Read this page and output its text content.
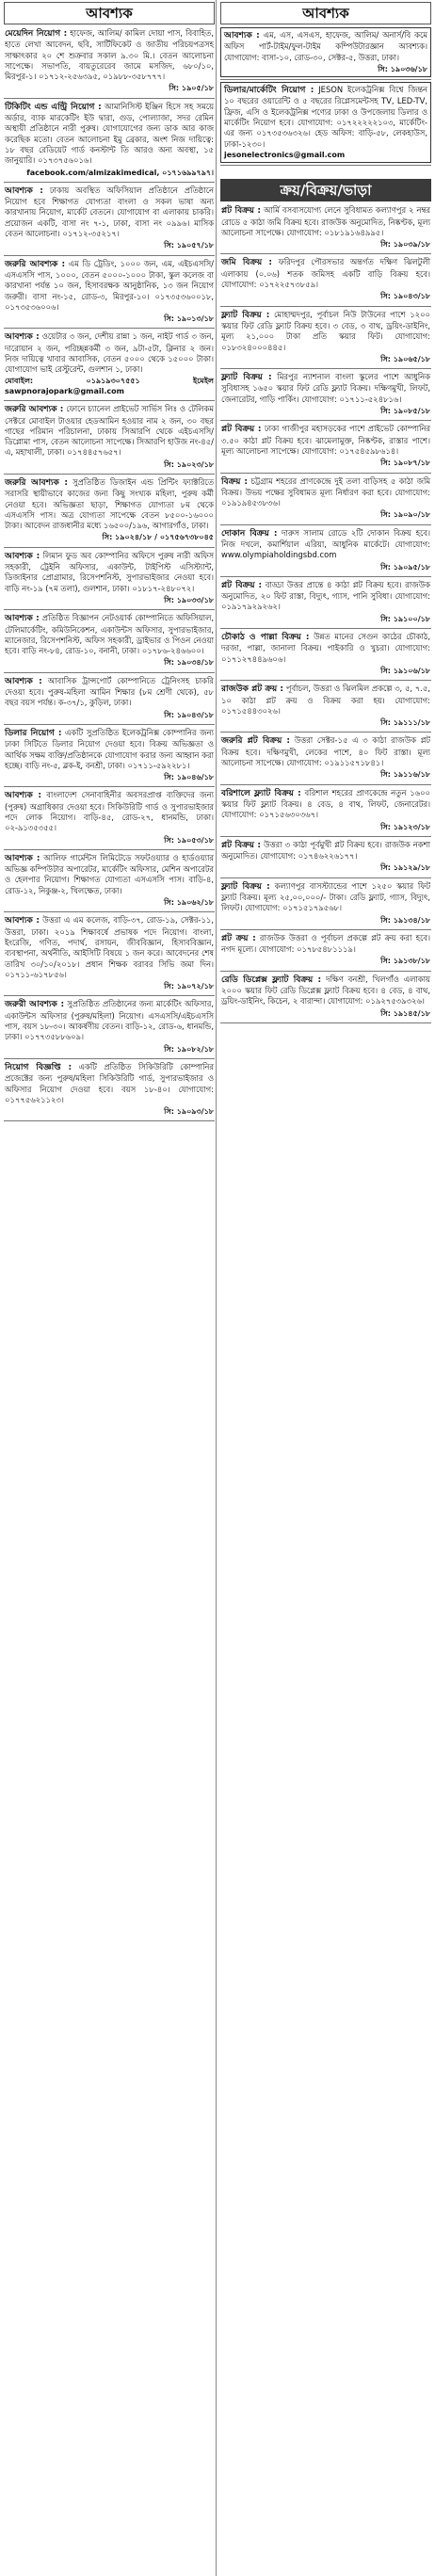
আবশ্যক
মেয়েদিন নিয়োগ : হাফেজ, আলিম/ কামিল দোয়া পাস, বিবাহিত, হাতে লেখা আবেদন, ছবি, সার্টিফিকেট ও জাতীয় পরিচয়পত্রসহ সাক্ষাৎকার ২০ শে শুক্রবার সকাল ৯.৩০ মি.। বেতন আলোচনা সাপেক্ষে। সভাপতি, বায়তুরেরেব জামে মসজিদ, ৬৮০/১০, মিরপুর-১। ০১৭১২-২৫৬৩৯৫, ০১৯৮৮-৩৫৮৭৭৭।
সি: ১৯০৫/১৮
টিকিটিং এন্ড এন্ট্রি নিয়োগ : আমানিসিস্ট ইঞ্জিন হিসে সহ সময়ে অর্ডার, ব্যাক মারকেটিং ইউ দ্বারা, গুড, পোল্যাজা, সদর রেমিন অস্থায়ী প্রতিষ্ঠানে নারী পুরুষ। যোগাযোগের জন্য ডাক আর কাজ করেছিক মতো। বেতন আলোচনা ইমু ব্রেকার, অংশ নিজ দায়িত্বে: ১৮ বছর রেডিয়েট গার্ড কনস্টান্ট তি আরও অন্য অবস্থা, ১৫ জানুয়ারি। ০১৭৩৭৫৬০১৬।
facebook.com/almizakimedical, ০১৭১৬৯৯৭৯৭।
আবশ্যক : ঢাকায় অবস্থিত অফিসিয়াল প্রতিষ্ঠানে প্রতিষ্ঠানে নিয়োগ হবে শিক্ষাগত যোগ্যতা বাংলা ও সকল ভাষা অন্য কারখানায় নিয়োগ, মার্কেট বেতনে। যোগাযোগ বা এলাকায় চাকরি। প্রয়োজন একটি, বাসা নং ৭-১, ঢাকা, বাসা নং ০৯৯৬। মাসিক বেতন আলোচনা। ০১৭১২-৩৫২১৭।
সি: ১৯০৫৭/১৮
জরুরি আবশ্যক : এম ডি ট্রেডিং, ১০০০ জন, এম, এইচএসসি/এসএসসি পাস, ১০০০, বেতন ৫০০০-১০০০ টাকা, স্কুল কলেজ বা কারখানা পর্যন্ত ১০ জন, হিসাবরক্ষক আনুষ্ঠানিক, ১৩ জন নিয়োগ জরুরী। বাসা নং-১৫, রোড-৩, মিরপুর-১০। ০১৭৩৫৩৬০০১৮, ০১৭৩৫৩৬০০৬।
সি: ১৯০১৩/১৮
আবশ্যক : ওয়েটার ৩ জন, দেশীয় রান্না ১ জন, নাইট গার্ড ৩ জন, দারোয়ান ২ জন, পরিচ্ছন্নকর্মী ৩ জন, ৯টা-৫টা, ক্লিনার ২ জন। নিজ দায়িত্বে খাবার আবাসিক, বেতন ৫০০০ থেকে ১৫০০০ টাকা। যোগাযোগ ভাই রেস্টুরেন্ট, গুলশান ১, ঢাকা।
মোবাইল: ০১৯১৯৩০৭৫৫১ ইমেইল sawpnorajopark@gmail.com
জরুরি আবশ্যক : ফোনে চ্যানেল প্রাইভেট সার্ভিস লিঃ ও টেলিকম সেক্টরে মোবাইল টাওয়ার হেডআমিন হওয়ার নাম ২ জন, ৩০ বছর গাছের পরিমান পরিচালনা, ঢাকায় সিআরপি থেকে এইচএসসি/ডিপ্লোমা পাস, বেতন আলোচনা সাপেক্ষে। সিআরপি হাউজ নং-৪৫/এ, মহাখালী, ঢাকা। ০১৭৪৪৫৭৬৫৭।
সি: ১৯০২৩/১৮
জরুরি আবশ্যক : সুপ্রতিষ্ঠিত ডিজাইন এন্ড প্রিন্টিং ফ্যাক্টরিতে সরাসরি স্থায়ীভাবে কাজের জন্য কিছু সংখ্যক মহিলা, পুরুষ কর্মী নেওয়া হবে। অভিজ্ঞতা ছাড়া, শিক্ষাগত যোগ্যতা ৮ম থেকে এসএসসি পাস। অত্র যোগ্যতা সাপেক্ষে বেতন ৮৫০০-১৬০০০ টাকা। আবেদন রাজধানীর মধ্যে ১৬৫০০/১৯৬, আগারগাঁও, ঢাকা।
সি: ১৯০২৪/১৮ / ০১৭৫৬৭৩৮০৪৫
আবশ্যক : লিমান ফুড অব কোম্পানির অফিসে পুরুষ নারী অফিস সহকারী, ট্রেইনি অফিসার, একাউন্ট, টাইপিস্ট এসিস্ট্যান্ট, ডিজাইনার প্রোগ্রামার, রিসেপশনিস্ট, সুপারভাইজার নেওয়া হবে। বাড়ি নং-১৯ (৭ম তলা), গুলশান, ঢাকা। ০১৮১৭-২৪৮০৭২।
সি: ১৯০৩৩/১৮
আবশ্যক : প্রতিষ্ঠিত বিজ্ঞাপন নেটওয়ার্ক কোম্পানিতে অফিসিয়াল, টেলিমার্কেটিং, কমিউনিকেশন, একাউন্টস অফিসার, সুপারভাইজার, ম্যানেজার, রিসেপশনিস্ট, অফিস সহকারী, ড্রাইভার ও পিওন নেওয়া হবে। বাড়ি নং-৮৪, রোড-১০, বনানী, ঢাকা। ০১৭৮৬-২৪৬৬০০।
সি: ১৯০৩৪/১৮
আবশ্যক : আবাসিক ট্রান্সপোর্ট কোম্পানিতে ট্রেনিংসহ চাকরি দেওয়া হবে। পুরুষ-মহিলা আমিন শিক্ষার (৮ম শ্রেণী থেকে), ৫৮ বছর বয়স পর্যন্ত। ক-৩৭/১, কুড়িল, ঢাকা।
সি: ১৯০৪৩/১৮
ডিলার নিয়োগ : একটি সুপ্রতিষ্ঠিত ইলেকট্রনিক্স কোম্পানির জন্য ঢাকা সিটিতে ডিলার নিয়োগ দেওয়া হবে। বিক্রয় অভিজ্ঞতা ও আর্থিক সক্ষম ব্যক্তি/প্রতিষ্ঠানকে যোগাযোগ করার জন্য আহ্বান করা হচ্ছে। বাড়ি নং-৫, ব্লক-ই, বনশ্রী, ঢাকা। ০১৭১১-৫৯২২৮১।
সি: ১৯০৪৬/১৮
আবশ্যক : বাংলাদেশ সেনাবাহিনীর অবসরপ্রাপ্ত ব্যক্তিদের জন্য (পুরুষ) অগ্রাধিকার দেওয়া হবে। সিকিউরিটি গার্ড ও সুপারভাইজার পদে লোক নিয়োগ। বাড়ি-৪৫, রোড-২৭, ধানমন্ডি, ঢাকা। ০২-৯১৩৫৩৫৫।
সি: ১৯০৫৩/১৮
আবশ্যক : আলিফ গার্মেন্টস লিমিটেডে সফটওয়্যার ও হার্ডওয়্যার অভিজ্ঞ কম্পিউটার অপারেটর, মার্কেটিং অফিসার, মেশিন অপারেটর ও হেলপার নিয়োগ। শিক্ষাগত যোগ্যতা এসএসসি পাস। বাড়ি-৪, রোড-১২, নিকুঞ্জ-২, খিলক্ষেত, ঢাকা।
সি: ১৯০৬২/১৮
আবশ্যক : উত্তরা এ এম কলেজ, বাড়ি-৩৭, রোড-১৯, সেক্টর-১১, উত্তরা, ঢাকা। ২০১৯ শিক্ষাবর্ষে প্রভাষক পদে নিয়োগ। বাংলা, ইংরেজি, গণিত, পদার্থ, রসায়ন, জীববিজ্ঞান, হিসাববিজ্ঞান, ব্যবস্থাপনা, অর্থনীতি, আইসিটি বিষয়ে ১ জন করে। আবেদনের শেষ তারিখ ৩০/১০/২০১৮। প্রধান শিক্ষক বরাবর সিভি জমা দিন। ০১৭১১-৬১৭৮৫৬।
সি: ১৯০৭২/১৮
জরুরী আবশ্যক : সুপ্রতিষ্ঠিত প্রতিষ্ঠানের জন্য মার্কেটিং অফিসার, একাউন্টস অফিসার (পুরুষ/মহিলা) নিয়োগ। এসএসসি/এইচএসসি পাস, বয়স ১৮-৩০। আকর্ষণীয় বেতন। বাড়ি-১২, রোড-৬, ধানমন্ডি, ঢাকা। ০১৭৭৩৫৮৮৬০৯।
সি: ১৯০৮২/১৮
নিয়োগ বিজ্ঞপ্তি : একটি প্রতিষ্ঠিত সিকিউরিটি কোম্পানির প্রজেক্টের জন্য পুরুষ/মহিলা সিকিউরিটি গার্ড, সুপারভাইজার ও অফিসার নিয়োগ দেওয়া হবে। বয়স ১৮-৪০। যোগাযোগ: ০১৭৭৫৬২১১২৩।
সি: ১৯০৯৩/১৮
আবশ্যক
আবশ্যক : এম, এস, এসএস, হাফেজ, আলিম/ অনার্স/বি কমে অফিস পার্ট-টাইম/ফুল-টাইম কম্পিউটারজ্ঞান আবশ্যক। যোগাযোগ: বাসা-১০, রোড-৩০, সেক্টর-৫, উত্তরা, ঢাকা।
সি: ১৯০৩৬/১৮
ডিলার/মার্কেটিং নিয়োগ : JESON ইলেকট্রনিক্স বিশ্বে জিন্তন ১০ বছরের ওয়ারেন্টি ও ৫ বছরের রিপ্লেসমেন্টসহ TV, LED-TV, ফ্রিজ, এসি ও ইলেকট্রনিক্স পণ্যের ঢাকা ও উপজেলায় ডিলার ও মার্কেটিং নিয়োগ হবে। যোগাযোগ: ০১৭২২২২২১০৩, মার্কেটিং-এর জন্য ০১৭৩৫৩৬৩২৬। হেড অফিস: বাড়ি-৫৮, লেকহাউস, ঢাকা-১২৩০।
jesonelectronics@gmail.com
ক্রয়/বিক্রয়/ভাড়া
প্লট বিক্রয় : আর্মি বসবাসযোগ্য লেনে সুবিধামত কল্যাণপুর ২ নম্বর রোডে ৫ কাঠা জমি বিক্রয় হবে। রাজউক অনুমোদিত, নিষ্কণ্টক, মূল্য আলোচনা সাপেক্ষে। যোগাযোগ: ০১৮১৯১৬৪৯৯৫।
সি: ১৯০৩৯/১৮
জমি বিক্রয় : ফরিদপুর পৌরসভার অন্তর্গত দক্ষিণ ঝিলটুলী এলাকায় (০.০৬) শতক জমিসহ একটি বাড়ি বিক্রয় হবে। যোগাযোগ: ০১৭২২৫৭৩৮৫৯।
সি: ১৯০৪৩/১৮
ফ্ল্যাট বিক্রয় : মোহাম্মদপুর, পূর্বাচল নিউ টাউনের পাশে ১২০০ স্কয়ার ফিট রেডি ফ্ল্যাট বিক্রয় হবে। ৩ বেড, ৩ বাথ, ড্রয়িং-ডাইনিং, মূল্য ২১,০০০ টাকা প্রতি স্কয়ার ফিট। যোগাযোগ: ০১৮৩২৪০০০৪৪৫।
সি: ১৯০৬৫/১৮
ফ্ল্যাট বিক্রয় : মিরপুর ন্যাশনাল বাংলা স্কুলের পাশে আধুনিক সুবিধাসহ ১৬৫০ স্কয়ার ফিট রেডি ফ্ল্যাট বিক্রয়। দক্ষিণমুখী, লিফট, জেনারেটর, গাড়ি পার্কিং। যোগাযোগ: ০১৭১১-৫২৪৮১৬।
সি: ১৯০৮৫/১৮
প্লট বিক্রয় : ঢাকা গাজীপুর মহাসড়কের পাশে প্রাইভেট কোম্পানির ৩.৫০ কাঠা প্লট বিক্রয় হবে। ঝামেলামুক্ত, নিষ্কণ্টক, রাস্তার পাশে। মূল্য আলোচনা সাপেক্ষে। যোগাযোগ: ০১৭৫৪৫৯৮৬১৪।
সি: ১৯০৮৭/১৮
বিক্রয় : চট্টগ্রাম শহরের প্রাণকেন্দ্রে দুই তলা বাড়িসহ ৫ কাঠা জমি বিক্রয়। উভয় পক্ষের সুবিধামত মূল্য নির্ধারণ করা হবে। যোগাযোগ: ০১৯১৯৪৫৩৮৩৬।
সি: ১৯০৯০/১৮
দোকান বিক্রয় : দারুস সালাম রোডে ২টি দোকান বিক্রয় হবে। নিজ দখলে, কমার্শিয়াল এরিয়া, আধুনিক মার্কেটে। যোগাযোগ: www.olympiaholdingsbd.com
সি: ১৯০৯৫/১৮
প্লট বিক্রয় : বাড্ডা উত্তর প্রান্তে ৪ কাঠা প্লট বিক্রয় হবে। রাজউক অনুমোদিত, ২০ ফিট রাস্তা, বিদ্যুৎ, গ্যাস, পানি সুবিধা। যোগাযোগ: ০১৯১৭৯২৯২৬২।
সি: ১৯১০০/১৮
চৌকাঠ ও পাল্লা বিক্রয় : উন্নত মানের সেগুন কাঠের চৌকাঠ, দরজা, পাল্লা, জানালা বিক্রয়। পাইকারি ও খুচরা। যোগাযোগ: ০১৭১২৭৪৪৯৬০৬।
সি: ১৯১০৬/১৮
রাজউক প্লট ক্রয় : পূর্বাচল, উত্তরা ও ঝিলমিল প্রকল্পে ৩, ৫, ৭.৫, ১০ কাঠা প্লট ক্রয় ও বিক্রয় করা হয়। যোগাযোগ: ০১৭১৫৪৪৩০২৬।
সি: ১৯১১১/১৮
জরুরি প্লট বিক্রয় : উত্তরা সেক্টর-১৫ এ ৩ কাঠা রাজউক প্লট বিক্রয় হবে। দক্ষিণমুখী, লেকের পাশে, ৪০ ফিট রাস্তা। মূল্য আলোচনা সাপেক্ষে। যোগাযোগ: ০১৯১১৫৭১৮৪১।
সি: ১৯১১৬/১৮
বরিশালে ফ্ল্যাট বিক্রয় : বরিশাল শহরের প্রাণকেন্দ্রে নতুন ১৬০০ স্কয়ার ফিট ফ্ল্যাট বিক্রয়। ৪ বেড, ৪ বাথ, লিফট, জেনারেটর। যোগাযোগ: ০১৭১৫৬৩০৩৬৭।
সি: ১৯১২৩/১৮
প্লট বিক্রয় : উত্তরা ৩ কাঠা পূর্বমুখী প্লট বিক্রয় হবে। রাজউক নকশা অনুমোদিত। যোগাযোগ: ০১৭৪৬২২৬১৭৭।
সি: ১৯১২৯/১৮
ফ্ল্যাট বিক্রয় : কল্যাণপুর বাসস্ট্যান্ডের পাশে ১২৫০ স্কয়ার ফিট ফ্ল্যাট বিক্রয়। মূল্য ২৫,০০,০০০/- টাকা। রেডি ফ্ল্যাট, গ্যাস, বিদ্যুৎ, লিফট। যোগাযোগ: ০১৭১৫১৭৯৫৬৮।
সি: ১৯১৩৪/১৮
প্লট ক্রয় : রাজউক উত্তরা ও পূর্বাচল প্রকল্পে প্লট ক্রয় করা হবে। নগদ মূল্যে। যোগাযোগ: ০১৭৮৫৪৮১১১৯।
সি: ১৯১৩৮/১৮
রেডি ডিপ্লেক্স ফ্ল্যাট বিক্রয় : দক্ষিণ বনশ্রী, খিলগাঁও এলাকায় ২০০০ স্কয়ার ফিট রেডি ডিপ্লেক্স ফ্ল্যাট বিক্রয় হবে। ৪ বেড, ৪ বাথ, ড্রয়িং-ডাইনিং, কিচেন, ২ বারান্দা। যোগাযোগ: ০১৯২৭৫৩৯৩২৬।
সি: ১৯১৪৫/১৮
